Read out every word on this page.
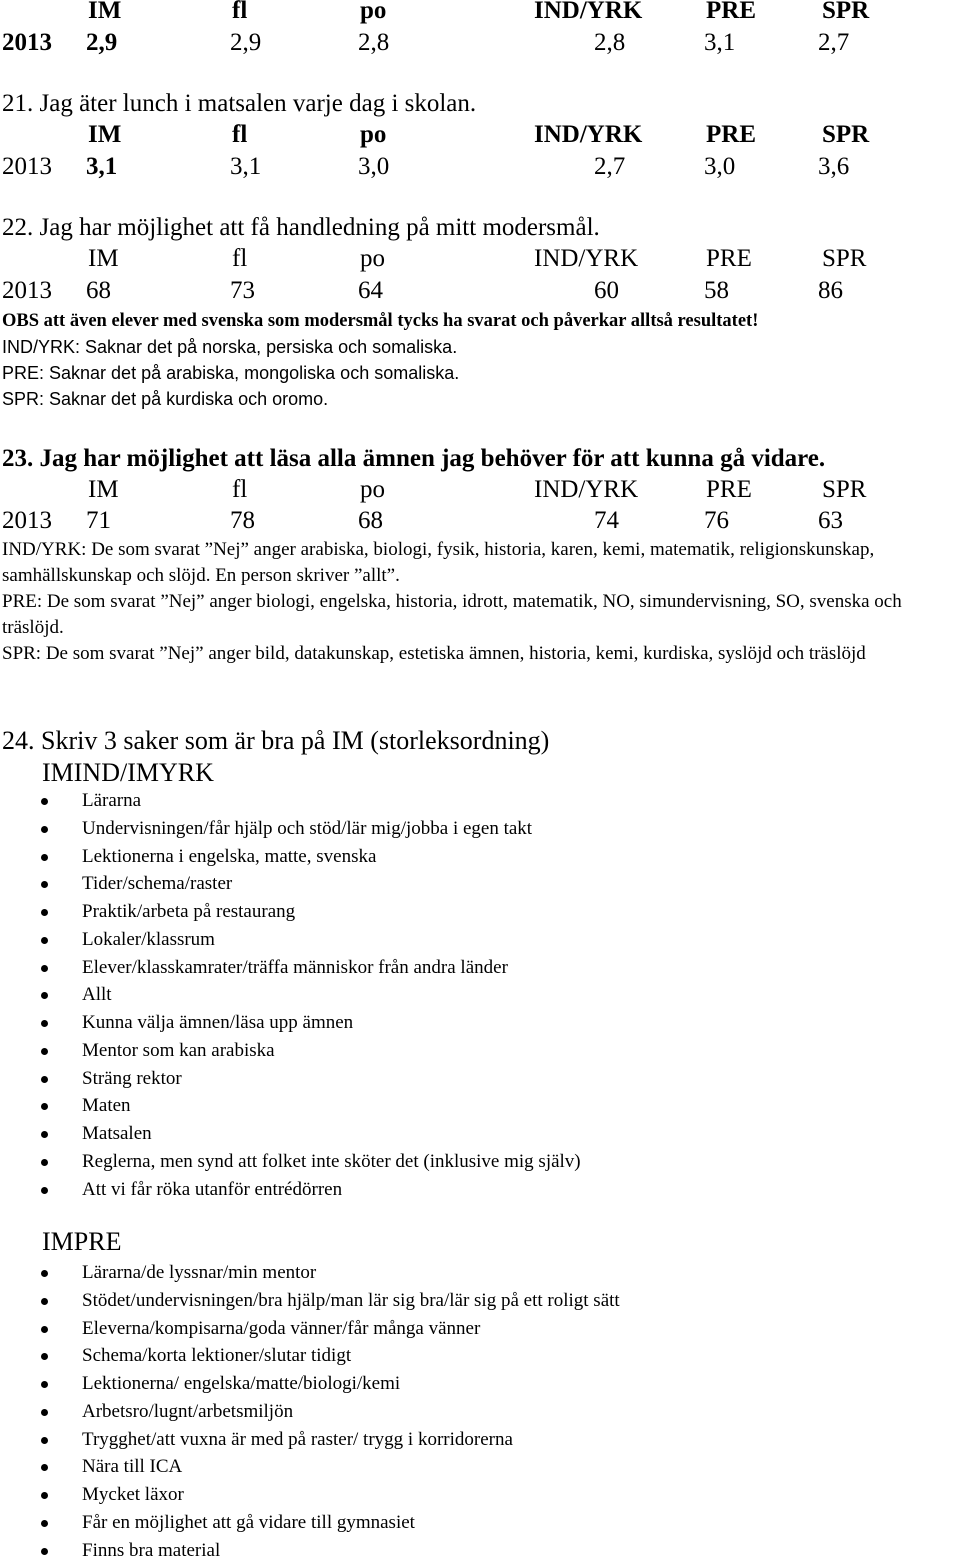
IM	fl	po	IND/YRK	PRE	SPR
2013 2,9	2,9	2,8	2,8	3,1	2,7
21. Jag äter lunch i matsalen varje dag i skolan.
IM	fl	po	IND/YRK	PRE	SPR
2013 3,1	3,1	3,0	2,7	3,0	3,6
22. Jag har möjlighet att få handledning på mitt modersmål.
IM	fl	po	IND/YRK	PRE	SPR
2013 68	73	64	60	58	86
OBS att även elever med svenska som modersmål tycks ha svarat och påverkar alltså resultatet!
IND/YRK: Saknar det på norska, persiska och somaliska.
PRE: Saknar det på arabiska, mongoliska och somaliska.
SPR: Saknar det på kurdiska och oromo.
23. Jag har möjlighet att läsa alla ämnen jag behöver för att kunna gå vidare.
IM	fl	po	IND/YRK	PRE	SPR
2013 71	78	68	74	76	63
IND/YRK: De som svarat ”Nej” anger arabiska, biologi, fysik, historia, karen, kemi, matematik, religionskunskap, samhällskunskap och slöjd. En person skriver ”allt”.
PRE: De som svarat ”Nej” anger biologi, engelska, historia, idrott, matematik, NO, simundervisning, SO, svenska och träslöjd.
SPR: De som svarat ”Nej” anger bild, datakunskap, estetiska ämnen, historia, kemi, kurdiska, syslöjd och träslöjd
24. Skriv 3 saker som är bra på IM (storleksordning)
IMIND/IMYRK
Lärarna
Undervisningen/får hjälp och stöd/lär mig/jobba i egen takt
Lektionerna i engelska, matte, svenska
Tider/schema/raster
Praktik/arbeta på restaurang
Lokaler/klassrum
Elever/klasskamrater/träffa människor från andra länder
Allt
Kunna välja ämnen/läsa upp ämnen
Mentor som kan arabiska
Sträng rektor
Maten
Matsalen
Reglerna, men synd att folket inte sköter det (inklusive mig själv)
Att vi får röka utanför entrédörren
IMPRE
Lärarna/de lyssnar/min mentor
Stödet/undervisningen/bra hjälp/man lär sig bra/lär sig på ett roligt sätt
Eleverna/kompisarna/goda vänner/får många vänner
Schema/korta lektioner/slutar tidigt
Lektionerna/ engelska/matte/biologi/kemi
Arbetsro/lugnt/arbetsmiljön
Trygghet/att vuxna är med på raster/ trygg i korridorerna
Nära till ICA
Mycket läxor
Får en möjlighet att gå vidare till gymnasiet
Finns bra material
